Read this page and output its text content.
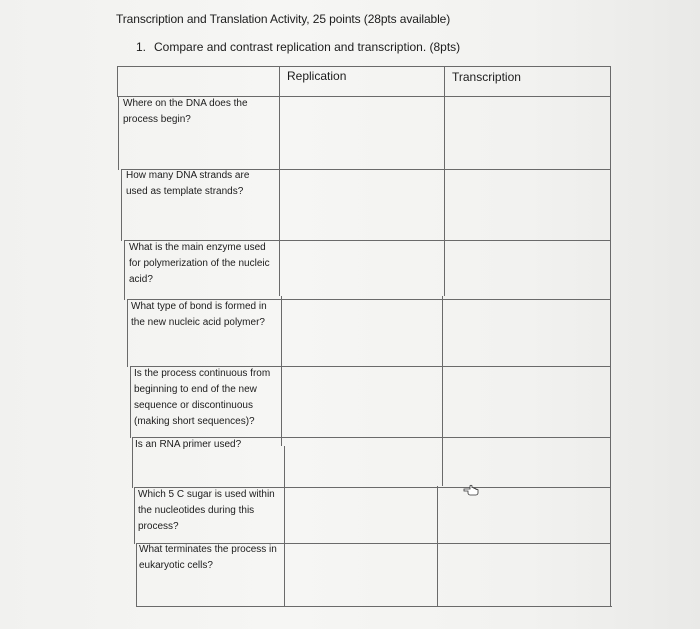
Transcription and Translation Activity, 25 points (28pts available)
1. Compare and contrast replication and transcription. (8pts)
Replication	Transcription
Where on the DNA does the process begin?
How many DNA strands are used as template strands?
What is the main enzyme used for polymerization of the nucleic acid?
What type of bond is formed in the new nucleic acid polymer?
Is the process continuous from beginning to end of the new sequence or discontinuous (making short sequences)?
Is an RNA primer used?
Which 5 C sugar is used within the nucleotides during this process?
What terminates the process in eukaryotic cells?
